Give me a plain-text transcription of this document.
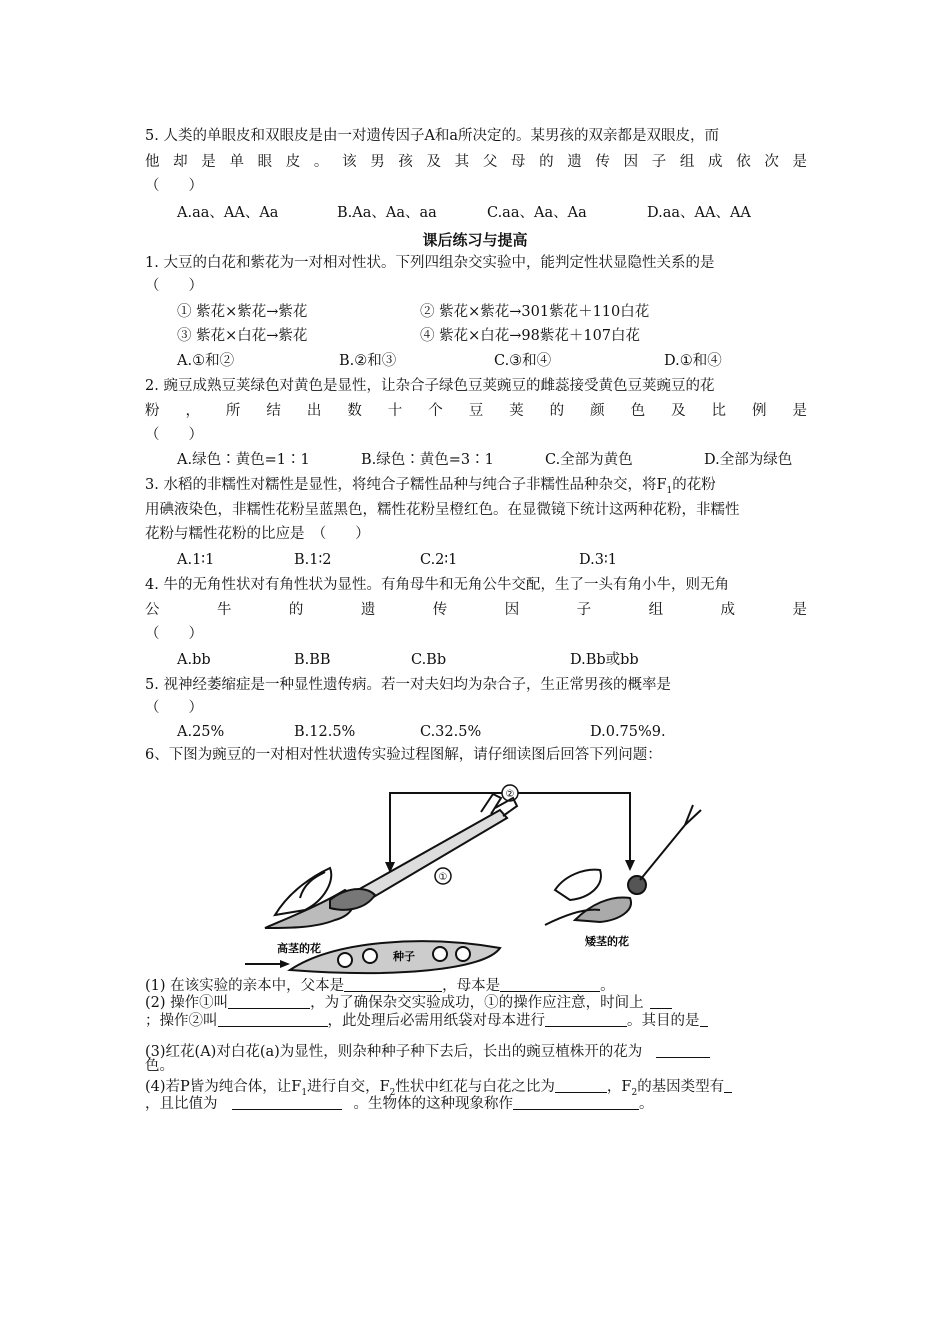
5. 人类的单眼皮和双眼皮是由一对遗传因子A和a所决定的。某男孩的双亲都是双眼皮，而
他却是单眼皮。该男孩及其父母的遗传因子组成依次是
（　　）
A.aa、AA、Aa	B.Aa、Aa、aa	C.aa、Aa、Aa	D.aa、AA、AA
课后练习与提高
1. 大豆的白花和紫花为一对相对性状。下列四组杂交实验中，能判定性状显隐性关系的是
（　　）
① 紫花×紫花→紫花	② 紫花×紫花→301紫花＋110白花
③ 紫花×白花→紫花	④ 紫花×白花→98紫花＋107白花
A.①和②	B.②和③	C.③和④	D.①和④
2. 豌豆成熟豆荚绿色对黄色是显性，让杂合子绿色豆荚豌豆的雌蕊接受黄色豆荚豌豆的花
粉，所结出数十个豆荚的颜色及比例是
（　　）
A.绿色∶黄色=1∶1	B.绿色∶黄色=3∶1	C.全部为黄色	D.全部为绿色
3. 水稻的非糯性对糯性是显性，将纯合子糯性品种与纯合子非糯性品种杂交，将$F_1$的花粉
用碘液染色，非糯性花粉呈蓝黑色，糯性花粉呈橙红色。在显微镜下统计这两种花粉，非糯性
花粉与糯性花粉的比应是　（　　）
A.1∶1	B.1∶2	C.2∶1	D.3∶1
4. 牛的无角性状对有角性状为显性。有角母牛和无角公牛交配，生了一头有角小牛，则无角
公牛的遗传因子组成是
（　　）
A.bb	B.BB	C.Bb	D.Bb或bb
5. 视神经萎缩症是一种显性遗传病。若一对夫妇均为杂合子，生正常男孩的概率是
（　　）
A.25%	B.12.5%	C.32.5%	D.0.75%9.
6、下图为豌豆的一对相对性状遗传实验过程图解，请仔细读图后回答下列问题：
②
①
高茎的花
矮茎的花
种子
(1) 在该实验的亲本中，父本是	，母本是	。
(2) 操作①叫	，为了确保杂交实验成功，①的操作应注意，时间上
；操作②叫	，此处理后必需用纸袋对母本进行	。其目的是
(3)红花(A)对白花(a)为显性，则杂种种子种下去后，长出的豌豆植株开的花为
色。
(4)若P皆为纯合体，让$F_1$进行自交，$F_2$性状中红花与白花之比为	，$F_2$的基因类型有
，且比值为	。生物体的这种现象称作	。
